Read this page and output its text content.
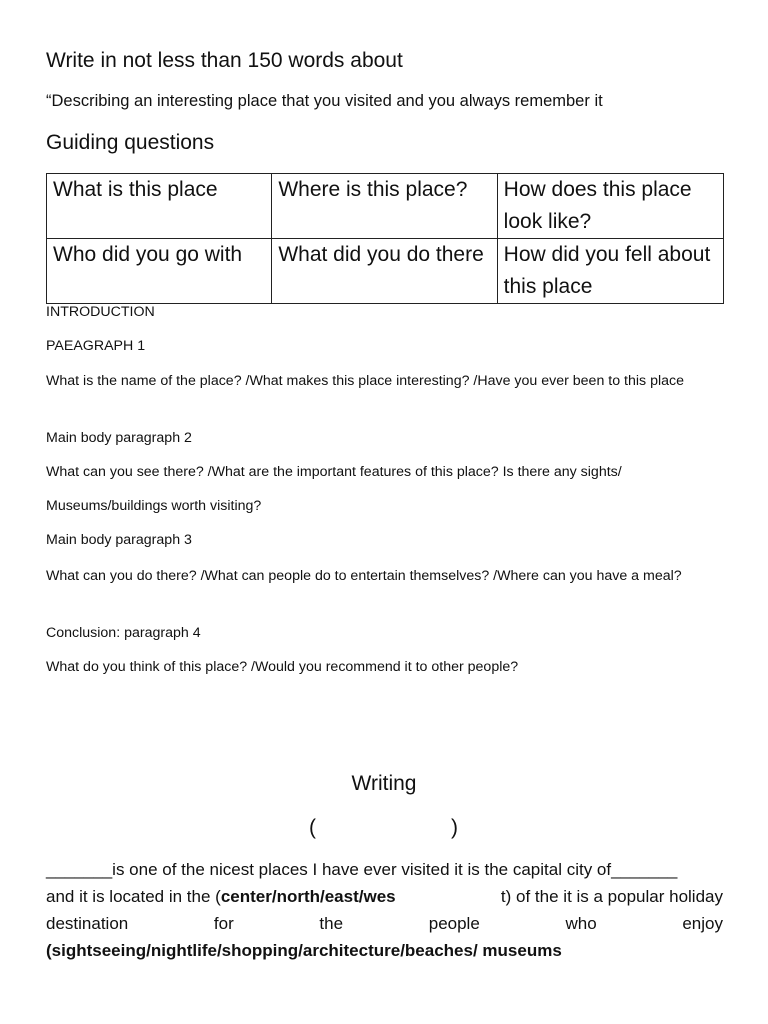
Write in not less than 150 words about
“Describing an interesting place that you visited and you always remember it
Guiding questions
What is this place	Where is this place?	How does this place look like?
Who did you go with	What did you do there	How did you fell about this place
INTRODUCTION
PAEAGRAPH 1
What is the name of the place? /What makes this place interesting? /Have you ever been to this place
Main body paragraph 2
What can you see there? /What are the important features of this place? Is there any sights/
Museums/buildings worth visiting?
Main body paragraph 3
What can you do there? /What can people do to entertain themselves? /Where can you have a meal?
Conclusion: paragraph 4
What do you think of this place? /Would you recommend it to other people?
Writing
(	)
_______is one of the nicest places I have ever visited it is the capital city of_______
and it is located in the ( center/north/east/wes	t) of the it is a popular holiday
destination	for	the	people	who	enjoy
(sightseeing/nightlife/shopping/architecture/beaches/ museums
